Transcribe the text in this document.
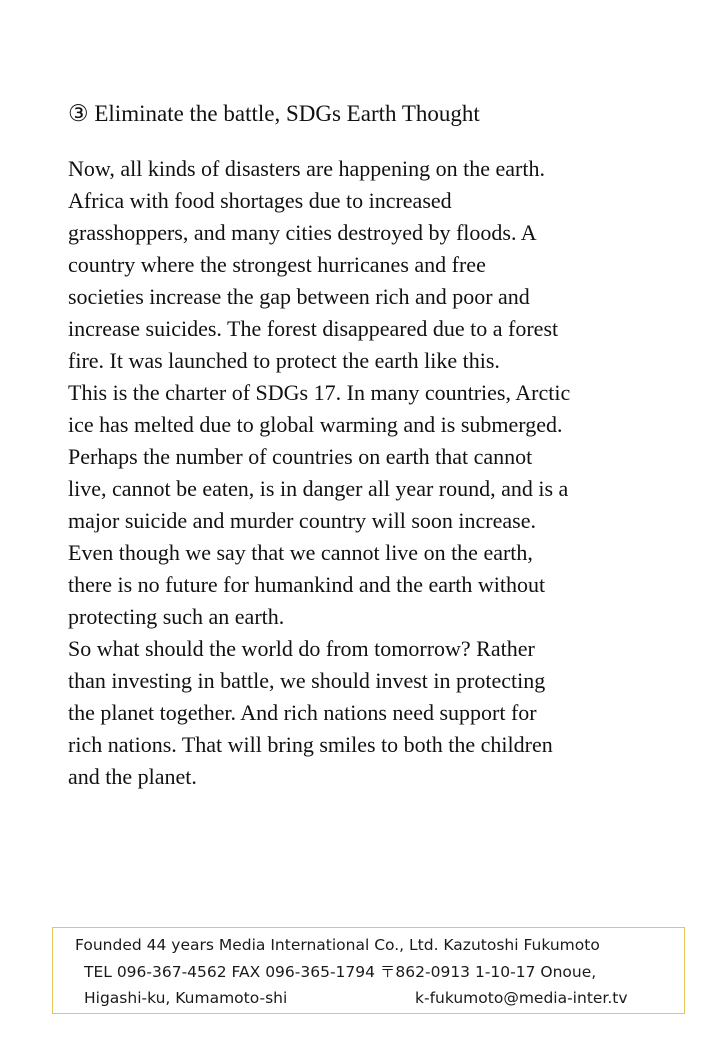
③ Eliminate the battle, SDGs Earth Thought
Now, all kinds of disasters are happening on the earth.
Africa with food shortages due to increased
grasshoppers, and many cities destroyed by floods. A
country where the strongest hurricanes and free
societies increase the gap between rich and poor and
increase suicides. The forest disappeared due to a forest
fire. It was launched to protect the earth like this.
This is the charter of SDGs 17. In many countries, Arctic
ice has melted due to global warming and is submerged.
Perhaps the number of countries on earth that cannot
live, cannot be eaten, is in danger all year round, and is a
major suicide and murder country will soon increase.
Even though we say that we cannot live on the earth,
there is no future for humankind and the earth without
protecting such an earth.
So what should the world do from tomorrow? Rather
than investing in battle, we should invest in protecting
the planet together. And rich nations need support for
rich nations. That will bring smiles to both the children
and the planet.
Founded 44 years Media International Co., Ltd. Kazutoshi Fukumoto
TEL 096-367-4562 FAX 096-365-1794 〒862-0913 1-10-17 Onoue,
Higashi-ku, Kumamoto-shi	k-fukumoto@media-inter.tv
